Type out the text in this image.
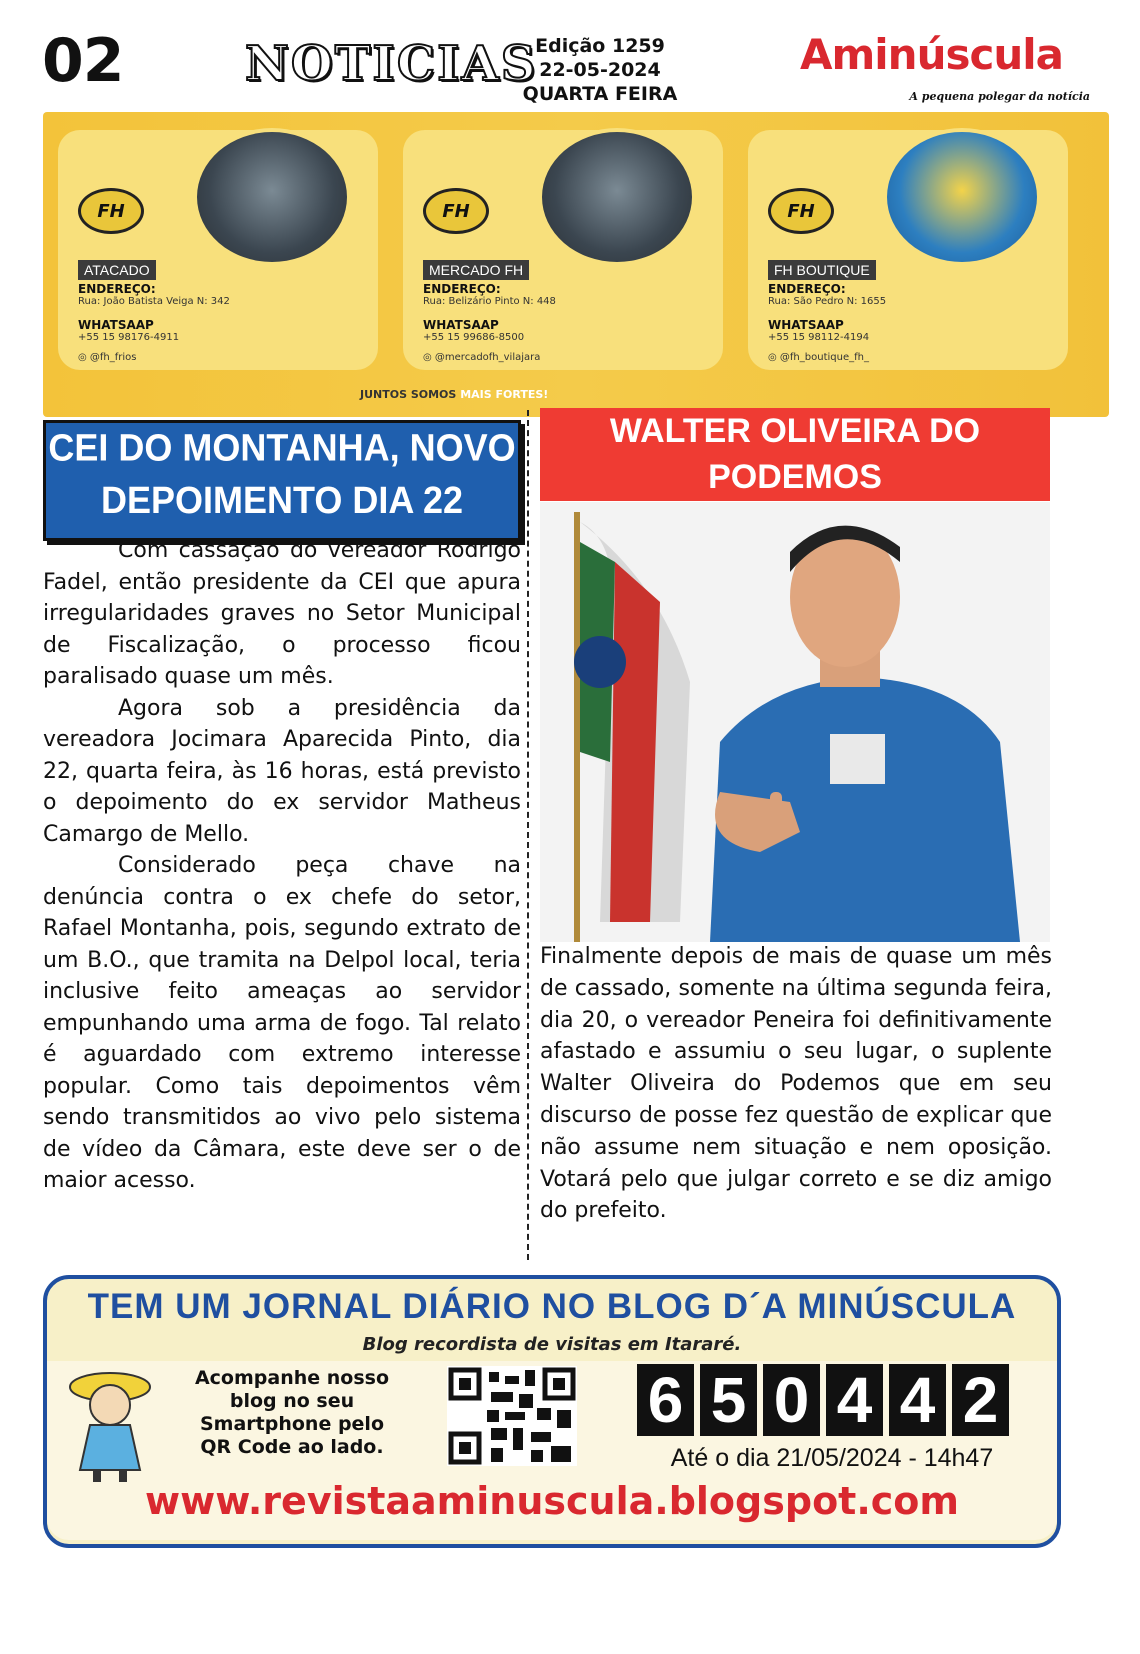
02	NOTICIAS
Edição 1259
22-05-2024
QUARTA FEIRA
Aminúscula
A pequena polegar da notícia
FH
ATACADO
ENDEREÇO:
Rua: João Batista Veiga N: 342
WHATSAAP
+55 15 98176-4911
◎ @fh_frios
FH
MERCADO FH
ENDEREÇO:
Rua: Belizário Pinto N: 448
WHATSAAP
+55 15 99686-8500
◎ @mercadofh_vilajara
FH
FH BOUTIQUE
ENDEREÇO:
Rua: São Pedro N: 1655
WHATSAAP
+55 15 98112-4194
◎ @fh_boutique_fh_
JUNTOS SOMOS MAIS FORTES!
CEI DO MONTANHA, NOVO
DEPOIMENTO DIA 22

Com cassação do vereador Rodrigo Fadel, então presidente da CEI que apura irregularidades graves no Setor Municipal de Fiscalização, o processo ficou paralisado quase um mês.

Agora sob a presidência da vereadora Jocimara Aparecida Pinto, dia 22, quarta feira, às 16 horas, está previsto o depoimento do ex servidor Matheus Camargo de Mello.

Considerado peça chave na denúncia contra o ex chefe do setor, Rafael Montanha, pois, segundo extrato de um B.O., que tramita na Delpol local, teria inclusive feito ameaças ao servidor empunhando uma arma de fogo. Tal relato é aguardado com extremo interesse popular. Como tais depoimentos vêm sendo transmitidos ao vivo pelo sistema de vídeo da Câmara, este deve ser o de maior acesso.

WALTER OLIVEIRA DO PODEMOS

Finalmente depois de mais de quase um mês de cassado, somente na última segunda feira, dia 20, o vereador Peneira foi definitivamente afastado e assumiu o seu lugar, o suplente Walter Oliveira do Podemos que em seu discurso de posse fez questão de explicar que não assume nem situação e nem oposição. Votará pelo que julgar correto e se diz amigo do prefeito.

TEM UM JORNAL DIÁRIO NO BLOG D´A MINÚSCULA
Blog recordista de visitas em Itararé.
Acompanhe nosso blog no seu Smartphone pelo QR Code ao lado.
6 5 0 4 4 2
Até o dia 21/05/2024 - 14h47
www.revistaaminuscula.blogspot.com
